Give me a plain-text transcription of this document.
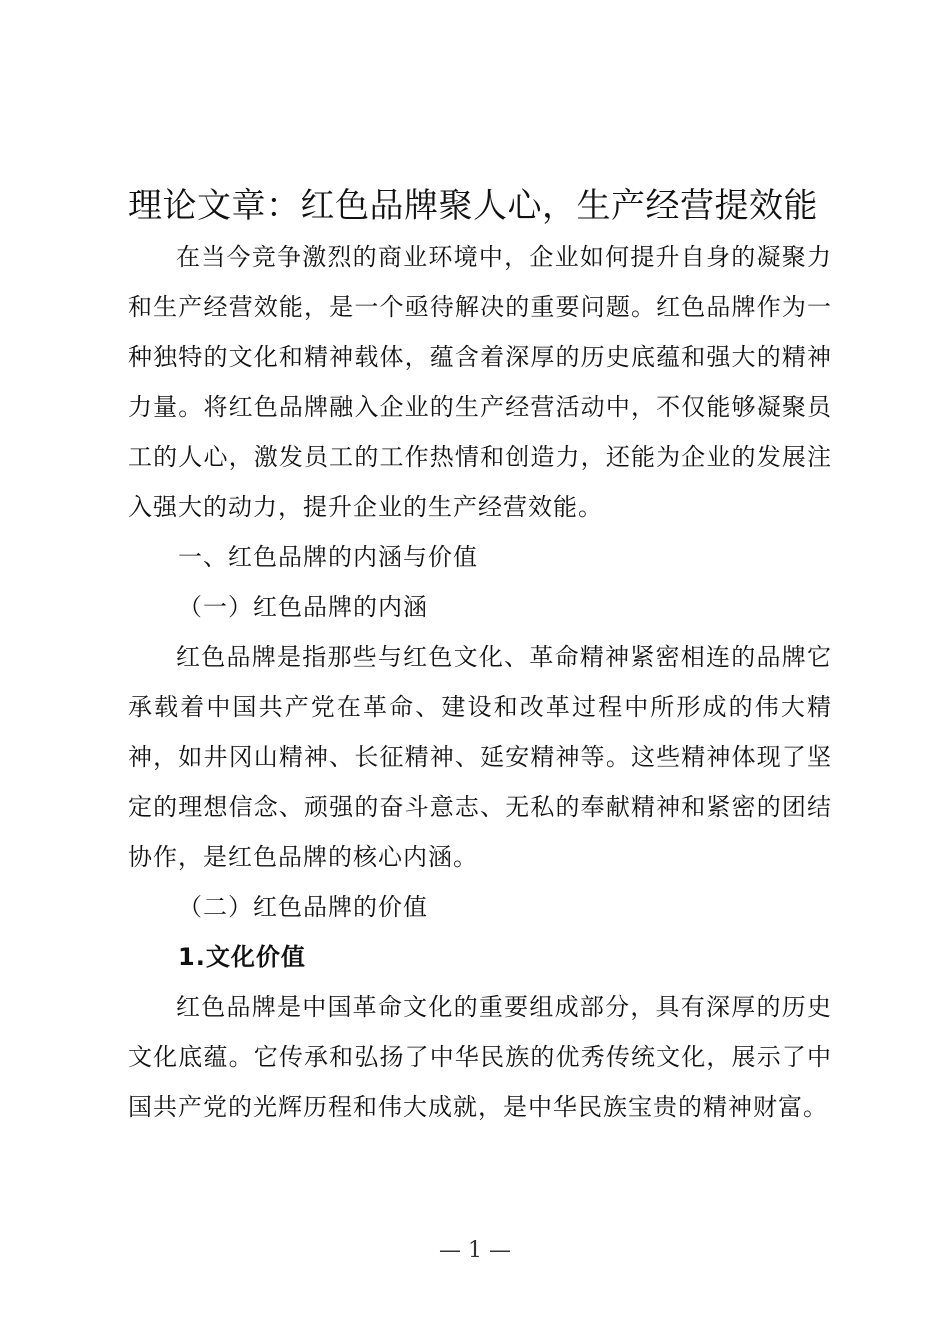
理论文章：红色品牌聚人心，生产经营提效能

在当今竞争激烈的商业环境中，企业如何提升自身的凝聚力和生产经营效能，是一个亟待解决的重要问题。红色品牌作为一种独特的文化和精神载体，蕴含着深厚的历史底蕴和强大的精神力量。将红色品牌融入企业的生产经营活动中，不仅能够凝聚员工的人心，激发员工的工作热情和创造力，还能为企业的发展注入强大的动力，提升企业的生产经营效能。

一、红色品牌的内涵与价值

（一）红色品牌的内涵

红色品牌是指那些与红色文化、革命精神紧密相连的品牌它承载着中国共产党在革命、建设和改革过程中所形成的伟大精神，如井冈山精神、长征精神、延安精神等。这些精神体现了坚定的理想信念、顽强的奋斗意志、无私的奉献精神和紧密的团结协作，是红色品牌的核心内涵。

（二）红色品牌的价值

1.文化价值

红色品牌是中国革命文化的重要组成部分，具有深厚的历史文化底蕴。它传承和弘扬了中华民族的优秀传统文化，展示了中国共产党的光辉历程和伟大成就，是中华民族宝贵的精神财富。

— 1 —
